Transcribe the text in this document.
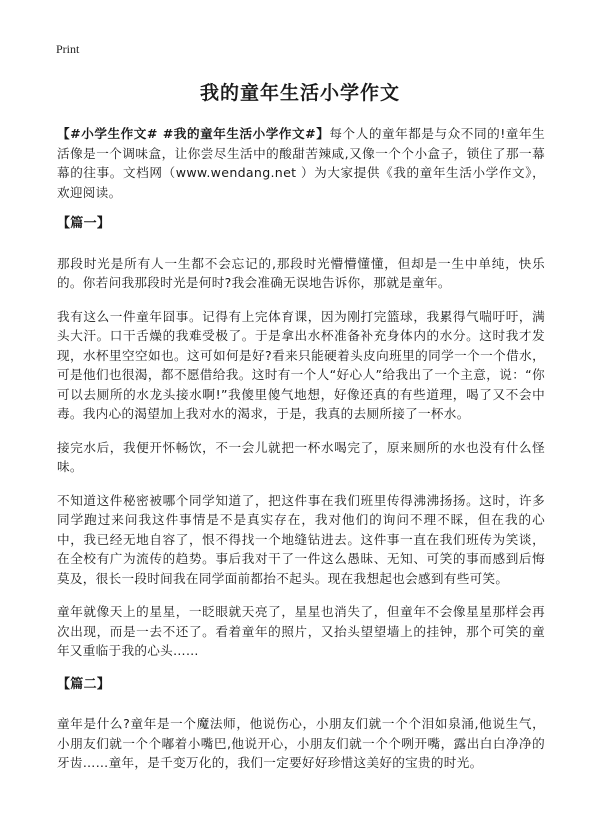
Print
我的童年生活小学作文

【#小学生作文# #我的童年生活小学作文#】每个人的童年都是与众不同的!童年生活像是一个调味盒，让你尝尽生活中的酸甜苦辣咸,又像一个个小盒子，锁住了那一幕幕的往事。文档网（www.wendang.net ）为大家提供《我的童年生活小学作文》，欢迎阅读。

【篇一】

那段时光是所有人一生都不会忘记的,那段时光懵懵懂懂，但却是一生中单纯，快乐的。你若问我那段时光是何时?我会准确无误地告诉你，那就是童年。

我有这么一件童年囧事。记得有上完体育课，因为刚打完篮球，我累得气喘吁吁，满头大汗。口干舌燥的我难受极了。于是拿出水杯准备补充身体内的水分。这时我才发现，水杯里空空如也。这可如何是好?看来只能硬着头皮向班里的同学一个一个借水，可是他们也很渴，都不愿借给我。这时有一个人“好心人”给我出了一个主意，说：“你可以去厕所的水龙头接水啊!”我傻里傻气地想，好像还真的有些道理，喝了又不会中毒。我内心的渴望加上我对水的渴求，于是，我真的去厕所接了一杯水。

接完水后，我便开怀畅饮，不一会儿就把一杯水喝完了，原来厕所的水也没有什么怪味。

不知道这件秘密被哪个同学知道了，把这件事在我们班里传得沸沸扬扬。这时，许多同学跑过来问我这件事情是不是真实存在，我对他们的询问不理不睬，但在我的心中，我已经无地自容了，恨不得找一个地缝钻进去。这件事一直在我们班传为笑谈，在全校有广为流传的趋势。事后我对干了一件这么愚昧、无知、可笑的事而感到后悔莫及，很长一段时间我在同学面前都抬不起头。现在我想起也会感到有些可笑。

童年就像天上的星星，一眨眼就天亮了，星星也消失了，但童年不会像星星那样会再次出现，而是一去不还了。看着童年的照片，又抬头望望墙上的挂钟，那个可笑的童年又重临于我的心头……

【篇二】

童年是什么?童年是一个魔法师，他说伤心，小朋友们就一个个泪如泉涌,他说生气，小朋友们就一个个嘟着小嘴巴,他说开心，小朋友们就一个个咧开嘴，露出白白净净的牙齿……童年，是千变万化的，我们一定要好好珍惜这美好的宝贵的时光。
